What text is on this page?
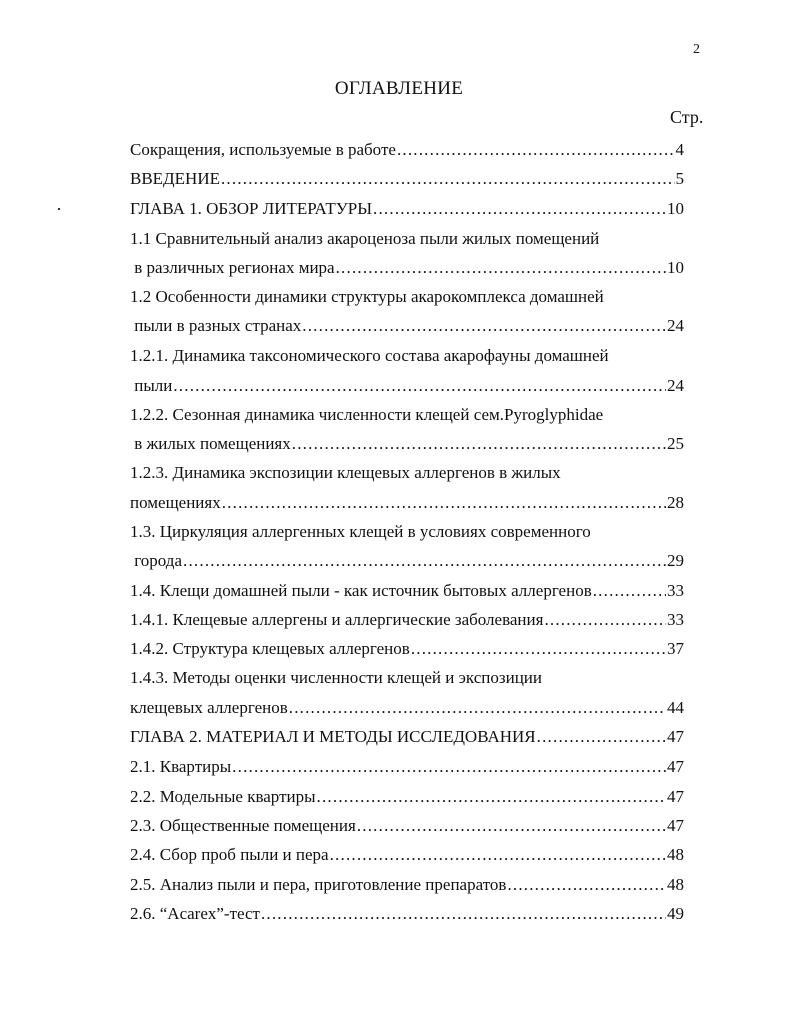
2
ОГЛАВЛЕНИЕ
Стр.
Сокращения, используемые в работе .....	4
ВВЕДЕНИЕ .....	5
ГЛАВА 1. ОБЗОР ЛИТЕРАТУРЫ .....	10
1.1 Сравнительный анализ акароценоза пыли жилых помещений
в различных регионах мира .....	10
1.2 Особенности динамики структуры акарокомплекса домашней
пыли в разных странах .....	24
1.2.1. Динамика таксономического состава акарофауны домашней
пыли .....	24
1.2.2. Сезонная динамика численности клещей сем.Pyroglyphidae
в жилых помещениях .....	25
1.2.3. Динамика экспозиции клещевых аллергенов в жилых
помещениях .....	28
1.3. Циркуляция аллергенных клещей в условиях современного
города .....	29
1.4. Клещи домашней пыли - как источник бытовых аллергенов .....	33
1.4.1. Клещевые аллергены и аллергические заболевания .....	33
1.4.2. Структура клещевых аллергенов .....	37
1.4.3. Методы оценки численности клещей и экспозиции
клещевых аллергенов .....	44
ГЛАВА 2. МАТЕРИАЛ И МЕТОДЫ ИССЛЕДОВАНИЯ .....	47
2.1. Квартиры .....	47
2.2. Модельные квартиры .....	47
2.3. Общественные помещения .....	47
2.4. Сбор проб пыли и пера .....	48
2.5. Анализ пыли и пера, приготовление препаратов .....	48
2.6. “Acarex”-тест .....	49
